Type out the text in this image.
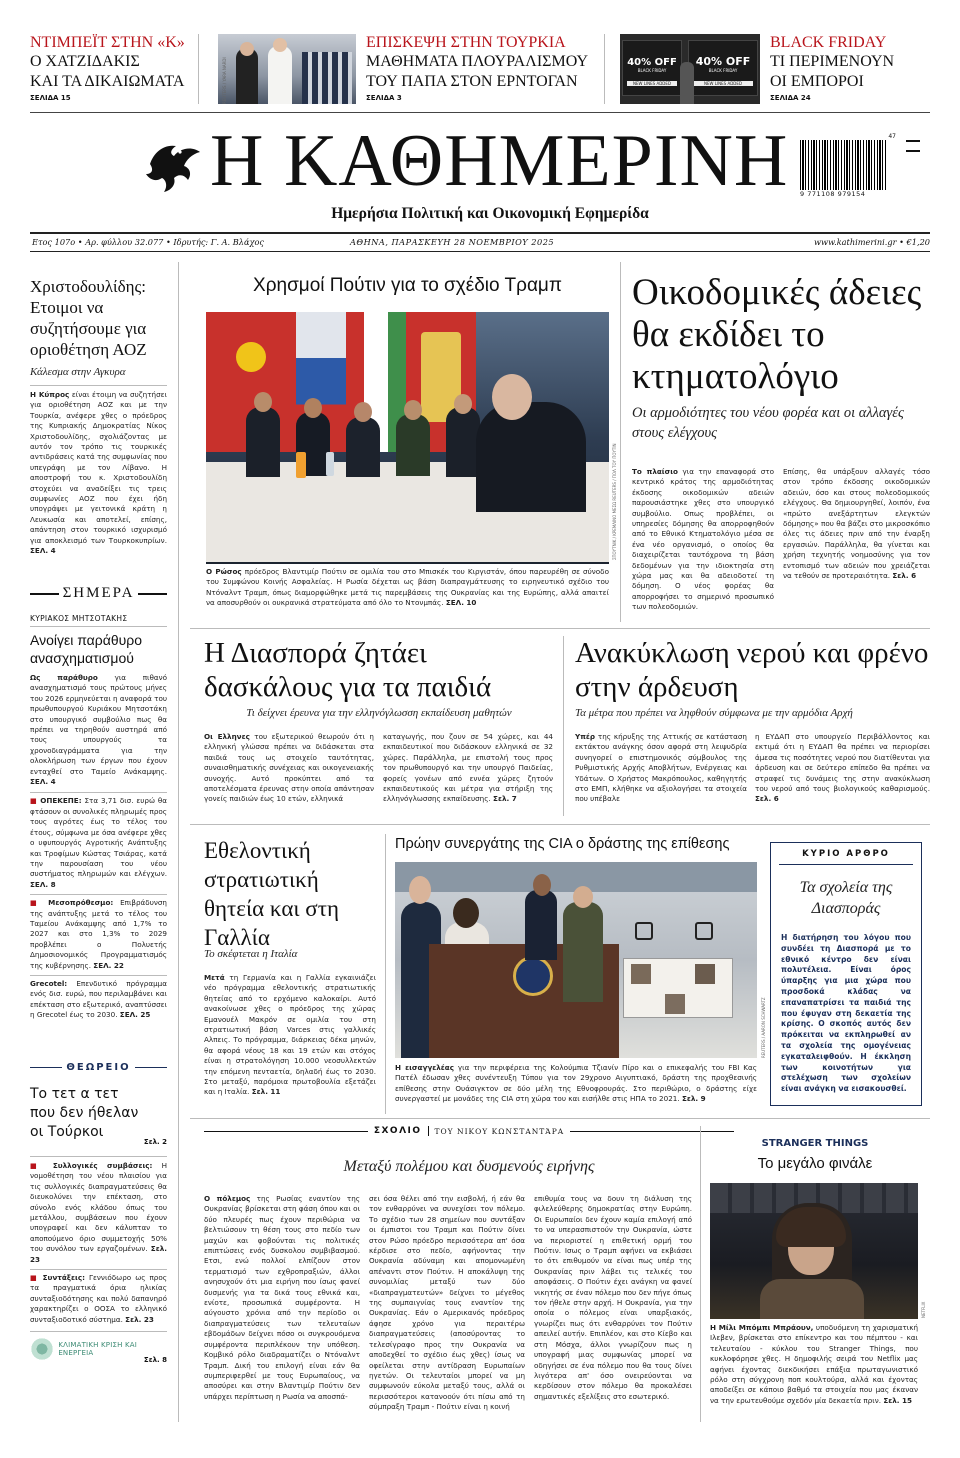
ΝΤΙΜΠΕΪΤ ΣΤΗΝ «Κ»
Ο ΧΑΤΖΙΔΑΚΙΣ
ΚΑΙ ΤΑ ΔΙΚΑΙΩΜΑΤΑ
ΣΕΛΙΔΑ 15	REUTERS / YARA NARDI
ΕΠΙΣΚΕΨΗ ΣΤΗΝ ΤΟΥΡΚΙΑ
ΜΑΘΗΜΑΤΑ ΠΛΟΥΡΑΛΙΣΜΟΥ
ΤΟΥ ΠΑΠΑ ΣΤΟΝ ΕΡΝΤΟΓΑΝ
ΣΕΛΙΔΑ 3
40% OFF
BLACK FRIDAY
NEW LINES ADDED
40% OFF
BLACK FRIDAY
NEW LINES ADDED
BLACK FRIDAY
ΤΙ ΠΕΡΙΜΕΝΟΥΝ
ΟΙ ΕΜΠΟΡΟΙ
ΣΕΛΙΔΑ 24
Η ΚΑΘΗΜΕΡΙΝΗ
Ημερήσια Πολιτική και Οικονομική Εφημερίδα
47
9 771108 979154
Ετος 107ο • Αρ. φύλλου 32.077 • Ιδρυτής: Γ. Α. Βλάχος	ΑΘΗΝΑ, ΠΑΡΑΣΚΕΥΗ 28 ΝΟΕΜΒΡΙΟΥ 2025	www.kathimerini.gr • €1,20
Χριστοδουλίδης: Ετοιμοι να συζητήσουμε για οριοθέτηση ΑΟΖ
Κάλεσμα στην Αγκυρα
Η Κύπρος είναι έτοιμη να συζητήσει για οριοθέτηση ΑΟΖ και με την Τουρκία, ανέφερε χθες ο πρόεδρος της Κυπριακής Δημοκρατίας Νίκος Χριστοδουλίδης, σχολιάζοντας με αυτόν τον τρόπο τις τουρκικές αντιδράσεις κατά της συμφωνίας που υπεγράφη με τον Λίβανο. Η αποστροφή του κ. Χριστοδουλίδη στοχεύει να αναδείξει τις τρεις συμφωνίες ΑΟΖ που έχει ήδη υπογράψει με γειτονικά κράτη η Λευκωσία και αποτελεί, επίσης, απάντηση στον τουρκικό ισχυρισμό για αποκλεισμό των Τουρκοκυπρίων. ΣΕΛ. 4
ΣΗΜΕΡΑ
ΚΥΡΙΑΚΟΣ ΜΗΤΣΟΤΑΚΗΣ
Ανοίγει παράθυρο ανασχηματισμού
Ως παράθυρο για πιθανό ανασχηματισμό τους πρώτους μήνες του 2026 ερμηνεύεται η αναφορά του πρωθυπουργού Κυριάκου Μητσοτάκη στο υπουργικό συμβούλιο πως θα πρέπει να τηρηθούν αυστηρά από τους υπουργούς τα χρονοδιαγράμματα για την ολοκλήρωση των έργων που έχουν ενταχθεί στο Ταμείο Ανάκαμψης. ΣΕΛ. 4
■ ΟΠΕΚΕΠΕ: Στα 3,71 δισ. ευρώ θα φτάσουν οι συνολικές πληρωμές προς τους αγρότες έως το τέλος του έτους, σύμφωνα με όσα ανέφερε χθες ο υφυπουργός Αγροτικής Ανάπτυξης και Τροφίμων Κώστας Τσιάρας, κατά την παρουσίαση του νέου συστήματος πληρωμών και ελέγχων. ΣΕΛ. 8
■ Μεσοπρόθεσμο: Επιβράδυνση της ανάπτυξης μετά το τέλος του Ταμείου Ανάκαμψης από 1,7% το 2027 και στο 1,3% το 2029 προβλέπει ο Πολυετής Δημοσιονομικός Προγραμματισμός της κυβέρνησης. ΣΕΛ. 22
Grecotel: Επενδυτικό πρόγραμμα ενός δισ. ευρώ, που περιλαμβάνει και επέκταση στο εξωτερικό, αναπτύσσει η Grecotel έως το 2030. ΣΕΛ. 25
ΘΕΩΡΕΙΟ
Το τετ α τετ που δεν ήθελαν οι Τούρκοι
Σελ. 2
■ Συλλογικές συμβάσεις: Η νομοθέτηση του νέου πλαισίου για τις συλλογικές διαπραγματεύσεις θα διευκολύνει την επέκταση, στο σύνολο ενός κλάδου όπως του μετάλλου, συμβάσεων που έχουν υπογραφεί και δεν κάλυπταν το αποπούμενο όριο συμμετοχής 50% του συνόλου των εργαζομένων. Σελ. 23
■ Συντάξεις: Γεννιόδωρο ως προς τα πραγματικά όρια ηλικίας συνταξιοδότησης και πολύ δαπανηρό χαρακτηρίζει ο ΟΟΣΑ το ελληνικό συνταξιοδοτικό σύστημα. Σελ. 23
ΚΛΙΜΑΤΙΚΗ ΚΡΙΣΗ ΚΑΙ ΕΝΕΡΓΕΙΑ
Σελ. 8
Χρησμοί Πούτιν για το σχέδιο Τραμπ
ΣΠΟΥΤΝΙΚ / ΚΡΕΜΛΙΝΟ ΜΕΣΩ REUTERS / ΠΟΛ ΤΟΥ ΠΟΥΤΙΝ
Ο Ρώσος πρόεδρος Βλαντιμίρ Πούτιν σε ομιλία του στο Μπισκέκ του Κιργιστάν, όπου παρευρέθη σε σύνοδο του Συμφώνου Κοινής Ασφαλείας. Η Ρωσία δέχεται ως βάση διαπραγμάτευσης το ειρηνευτικό σχέδιο του Ντόναλντ Τραμπ, όπως διαμορφώθηκε μετά τις παρεμβάσεις της Ουκρανίας και της Ευρώπης, αλλά απαιτεί να αποσυρθούν οι ουκρανικά στρατεύματα από όλο το Ντονμπάς. ΣΕΛ. 10
Οικοδομικές άδειες θα εκδίδει το κτηματολόγιο
Οι αρμοδιότητες του νέου φορέα και οι αλλαγές στους ελέγχους
Το πλαίσιο για την επαναφορά στο κεντρικό κράτος της αρμοδιότητας έκδοσης οικοδομικών αδειών παρουσιάστηκε χθες στο υπουργικό συμβούλιο. Οπως προβλέπει, οι υπηρεσίες δόμησης θα απορροφηθούν από το Εθνικό Κτηματολόγιο μέσα σε ένα νέο οργανισμό, ο οποίος θα διαχειρίζεται ταυτόχρονα τη βάση δεδομένων για την ιδιοκτησία στη χώρα μας και θα αδειοδοτεί τη δόμηση. Ο νέος φορέας θα απορροφήσει το σημερινό προσωπικό των πολεοδομιών.
Επίσης, θα υπάρξουν αλλαγές τόσο στον τρόπο έκδοσης οικοδομικών αδειών, όσο και στους πολεοδομικούς ελέγχους. Θα δημιουργηθεί, λοιπόν, ένα «πρώτο ανεξάρτητων ελεγκτών δόμησης» που θα βάζει στο μικροσκόπιο όλες τις άδειες πριν από την έναρξη εργασιών. Παράλληλα, θα γίνεται και χρήση τεχνητής νοημοσύνης για τον εντοπισμό των αδειών που χρειάζεται να τεθούν σε προτεραιότητα. Σελ. 6
Η Διασπορά ζητάει δασκάλους για τα παιδιά
Τι δείχνει έρευνα για την ελληνόγλωσση εκπαίδευση μαθητών
Οι Ελληνες του εξωτερικού θεωρούν ότι η ελληνική γλώσσα πρέπει να διδάσκεται στα παιδιά τους ως στοιχείο ταυτότητας, συναισθηματικής συνέχειας και οικογενειακής συνοχής. Αυτό προκύπτει από τα αποτελέσματα έρευνας στην οποία απάντησαν γονείς παιδιών έως 10 ετών, ελληνικά
καταγωγής, που ζουν σε 54 χώρες, και 44 εκπαιδευτικοί που διδάσκουν ελληνικά σε 32 χώρες. Παράλληλα, με επιστολή τους προς τον πρωθυπουργό και την υπουργό Παιδείας, φορείς γονέων από εννέα χώρες ζητούν εκπαιδευτικούς και μέτρα για στήριξη της ελληνόγλωσσης εκπαίδευσης. Σελ. 7
Ανακύκλωση νερού και φρένο στην άρδευση
Τα μέτρα που πρέπει να ληφθούν σύμφωνα με την αρμόδια Αρχή
Υπέρ της κήρυξης της Αττικής σε κατάσταση εκτάκτου ανάγκης όσον αφορά στη λειψυδρία συνηγορεί ο επιστημονικός σύμβουλος της Ρυθμιστικής Αρχής Αποβλήτων, Ενέργειας και Υδάτων. Ο Χρήστος Μακρόπουλος, καθηγητής στο ΕΜΠ, κλήθηκε να αξιολογήσει τα στοιχεία που υπέβαλε
η ΕΥΔΑΠ στο υπουργείο Περιβάλλοντος και εκτιμά ότι η ΕΥΔΑΠ θα πρέπει να περιορίσει άμεσα τις ποσότητες νερού που διατίθενται για άρδευση και σε δεύτερο επίπεδο θα πρέπει να στραφεί τις δυνάμεις της στην ανακύκλωση του νερού από τους βιολογικούς καθαρισμούς. Σελ. 6
Εθελοντική στρατιωτική θητεία και στη Γαλλία
Το σκέφτεται η Ιταλία
Μετά τη Γερμανία και η Γαλλία εγκαινιάζει νέο πρόγραμμα εθελοντικής στρατιωτικής θητείας από το ερχόμενο καλοκαίρι. Αυτό ανακοίνωσε χθες ο πρόεδρος της χώρας Εμανουέλ Μακρόν σε ομιλία του στη στρατιωτική βάση Varces στις γαλλικές Αλπεις. Το πρόγραμμα, διάρκειας δέκα μηνών, θα αφορά νέους 18 και 19 ετών και στόχος είναι η στρατολόγηση 10.000 νεοσυλλεκτών την επόμενη πενταετία, δηλαδή έως το 2030. Στο μεταξύ, παρόμοια πρωτοβουλία εξετάζει και η Ιταλία. Σελ. 11
Πρώην συνεργάτης της CIA ο δράστης της επίθεσης
REUTERS / AARON SCHWARTZ
Η εισαγγελέας για την περιφέρεια της Κολούμπια Τζιανίν Πίρο και ο επικεφαλής του FBI Κας Πατέλ έδωσαν χθες συνέντευξη Τύπου για τον 29χρονο Αιγυπτιακό, δράστη της προχθεσινής επίθεσης στην Ουάσιγκτον σε δύο μέλη της Εθνοφρουράς. Στο περιθώριο, ο δράστης είχε συνεργαστεί με μονάδες της CIA στη χώρα του και εισήλθε στις ΗΠΑ το 2021. Σελ. 9
ΚΥΡΙΟ ΑΡΘΡΟ
Τα σχολεία της Διασποράς
Η διατήρηση του λόγου που συνδέει τη Διασπορά με το εθνικό κέντρο δεν είναι πολυτέλεια. Είναι όρος ύπαρξης για μια χώρα που προσδοκά κλάδας να επαναπατρίσει τα παιδιά της που έφυγαν στη δεκαετία της κρίσης. Ο σκοπός αυτός δεν πρόκειται να εκπληρωθεί αν τα σχολεία της ομογένειας εγκαταλειφθούν. Η έκκληση των κοινοτήτων για στελέχωση των σχολείων είναι ανάγκη να εισακουσθεί.
ΣΧΟΛΙΟ ΤΟΥ ΝΙΚΟΥ ΚΩΝΣΤΑΝΤΆΡΑ
Μεταξύ πολέμου και δυσμενούς ειρήνης
Ο πόλεμος της Ρωσίας εναντίον της Ουκρανίας βρίσκεται στη φάση όπου και οι δύο πλευρές πως έχουν περιθώρια να βελτιώσουν τη θέση τους στο πεδίο των μαχών και φοβούνται τις πολιτικές επιπτώσεις ενός δυσκολου συμβιβασμού. Ετσι, ενώ πολλοί ελπίζουν στον τερματισμό των εχθροπραξιών, άλλοι ανησυχούν ότι μια ειρήνη που ίσως φανεί δυσμενής για τα δικά τους εθνικά και, ενίοτε, προσωπικά συμφέροντα. Η αύγουστο χρόνια από την περίοδο οι διαπραγματεύσεις των τελευταίων εβδομάδων δείχνει πόσο οι συγκρουόμενα συμφέροντα περιπλέκουν την υπόθεση. Κομβικό ρόλο διαδραματίζει ο Ντόναλντ Τραμπ. Δική του επιλογή είναι εάν θα συμπεριφερθεί με τους Ευρωπαίους, να αποσύρει και στην Βλαντιμίρ Πούτιν δεν υπάρχει περίπτωση η Ρωσία να αποσπά-
σει όσα θέλει από την εισβολή, ή εάν θα τον ενθαρρύνει να συνεχίσει τον πόλεμο. Το σχέδιο των 28 σημείων που συντάξαν οι έμπιστοι του Τραμπ και Πούτιν δίνει στον Ρώσο πρόεδρο περισσότερα απ' όσα κέρδισε στο πεδίο, αφήνοντας την Ουκρανία αδύναμη και απομονωμένη απέναντι στον Πούτιν. Η αποκάλυψη της συνομιλίας μεταξύ των δύο «διαπραγματευτών» δείχνει το μέγεθος της συμπαιγνίας τους εναντίον της Ουκρανίας. Εάν ο Αμερικανός πρόεδρος άφησε χρόνο για περαιτέρω διαπραγματεύσεις (αποσύροντας το τελεσίγραφο προς την Ουκρανία να αποδεχθεί το σχέδιο έως χθες) ίσως να οφείλεται στην αντίδραση Ευρωπαίων ηγετών. Οι τελευταίοι μπορεί να μη συμφωνούν εύκολα μεταξύ τους, αλλά οι περισσότεροι κατανοούν ότι πίσω από τη σύμπραξη Τραμπ - Πούτιν είναι η κοινή
επιθυμία τους να δουν τη διάλυση της φιλελεύθερης δημοκρατίας στην Ευρώπη. Οι Ευρωπαίοι δεν έχουν καμία επιλογή από το να υπερασπιστούν την Ουκρανία, ώστε να περιοριστεί η επιθετική ορμή του Πούτιν. Ισως ο Τραμπ αφήνει να εκβιάσει το ότι επιθυμούν να είναι πως υπέρ της Ουκρανίας πριν λάβει τις τελικές του αποφάσεις. Ο Πούτιν έχει ανάγκη να φανεί νικητής σε έναν πόλεμο που δεν πήγε όπως τον ήθελε στην αρχή. Η Ουκρανία, για την οποία ο πόλεμος είναι υπαρξιακός, γνωρίζει πως ότι ενθαρρύνει τον Πούτιν απειλεί αυτήν. Επιπλέον, και στο Κίεβο και στη Μόσχα, άλλοι γνωρίζουν πως η υπογραφή μιας συμφωνίας μπορεί να οδηγήσει σε ένα πόλεμο που θα τους δίνει λιγότερα απ' όσο ονειρεύονται να κερδίσουν στον πόλεμο θα προκαλέσει σημαντικές εξελίξεις στο εσωτερικό.
STRANGER THINGS
Το μεγάλο φινάλε
NETFLIX
Η Μίλι Μπόμπι Μπράουν, υποδυόμενη τη χαρισματική Ιλεβεν, βρίσκεται στο επίκεντρο και του πέμπτου - και τελευταίου - κύκλου του Stranger Things, που κυκλοφόρησε χθες. Η δημοφιλής σειρά του Netflix μας αφήνει έχοντας διεκδικήσει επάξια πρωταγωνιστικό ρόλο στη σύγχρονη ποπ κουλτούρα, αλλά και έχοντας αποδείξει σε κάποιο βαθμό τα στοιχεία που μας έκαναν να την ερωτευθούμε σχεδόν μία δεκαετία πριν. Σελ. 15
